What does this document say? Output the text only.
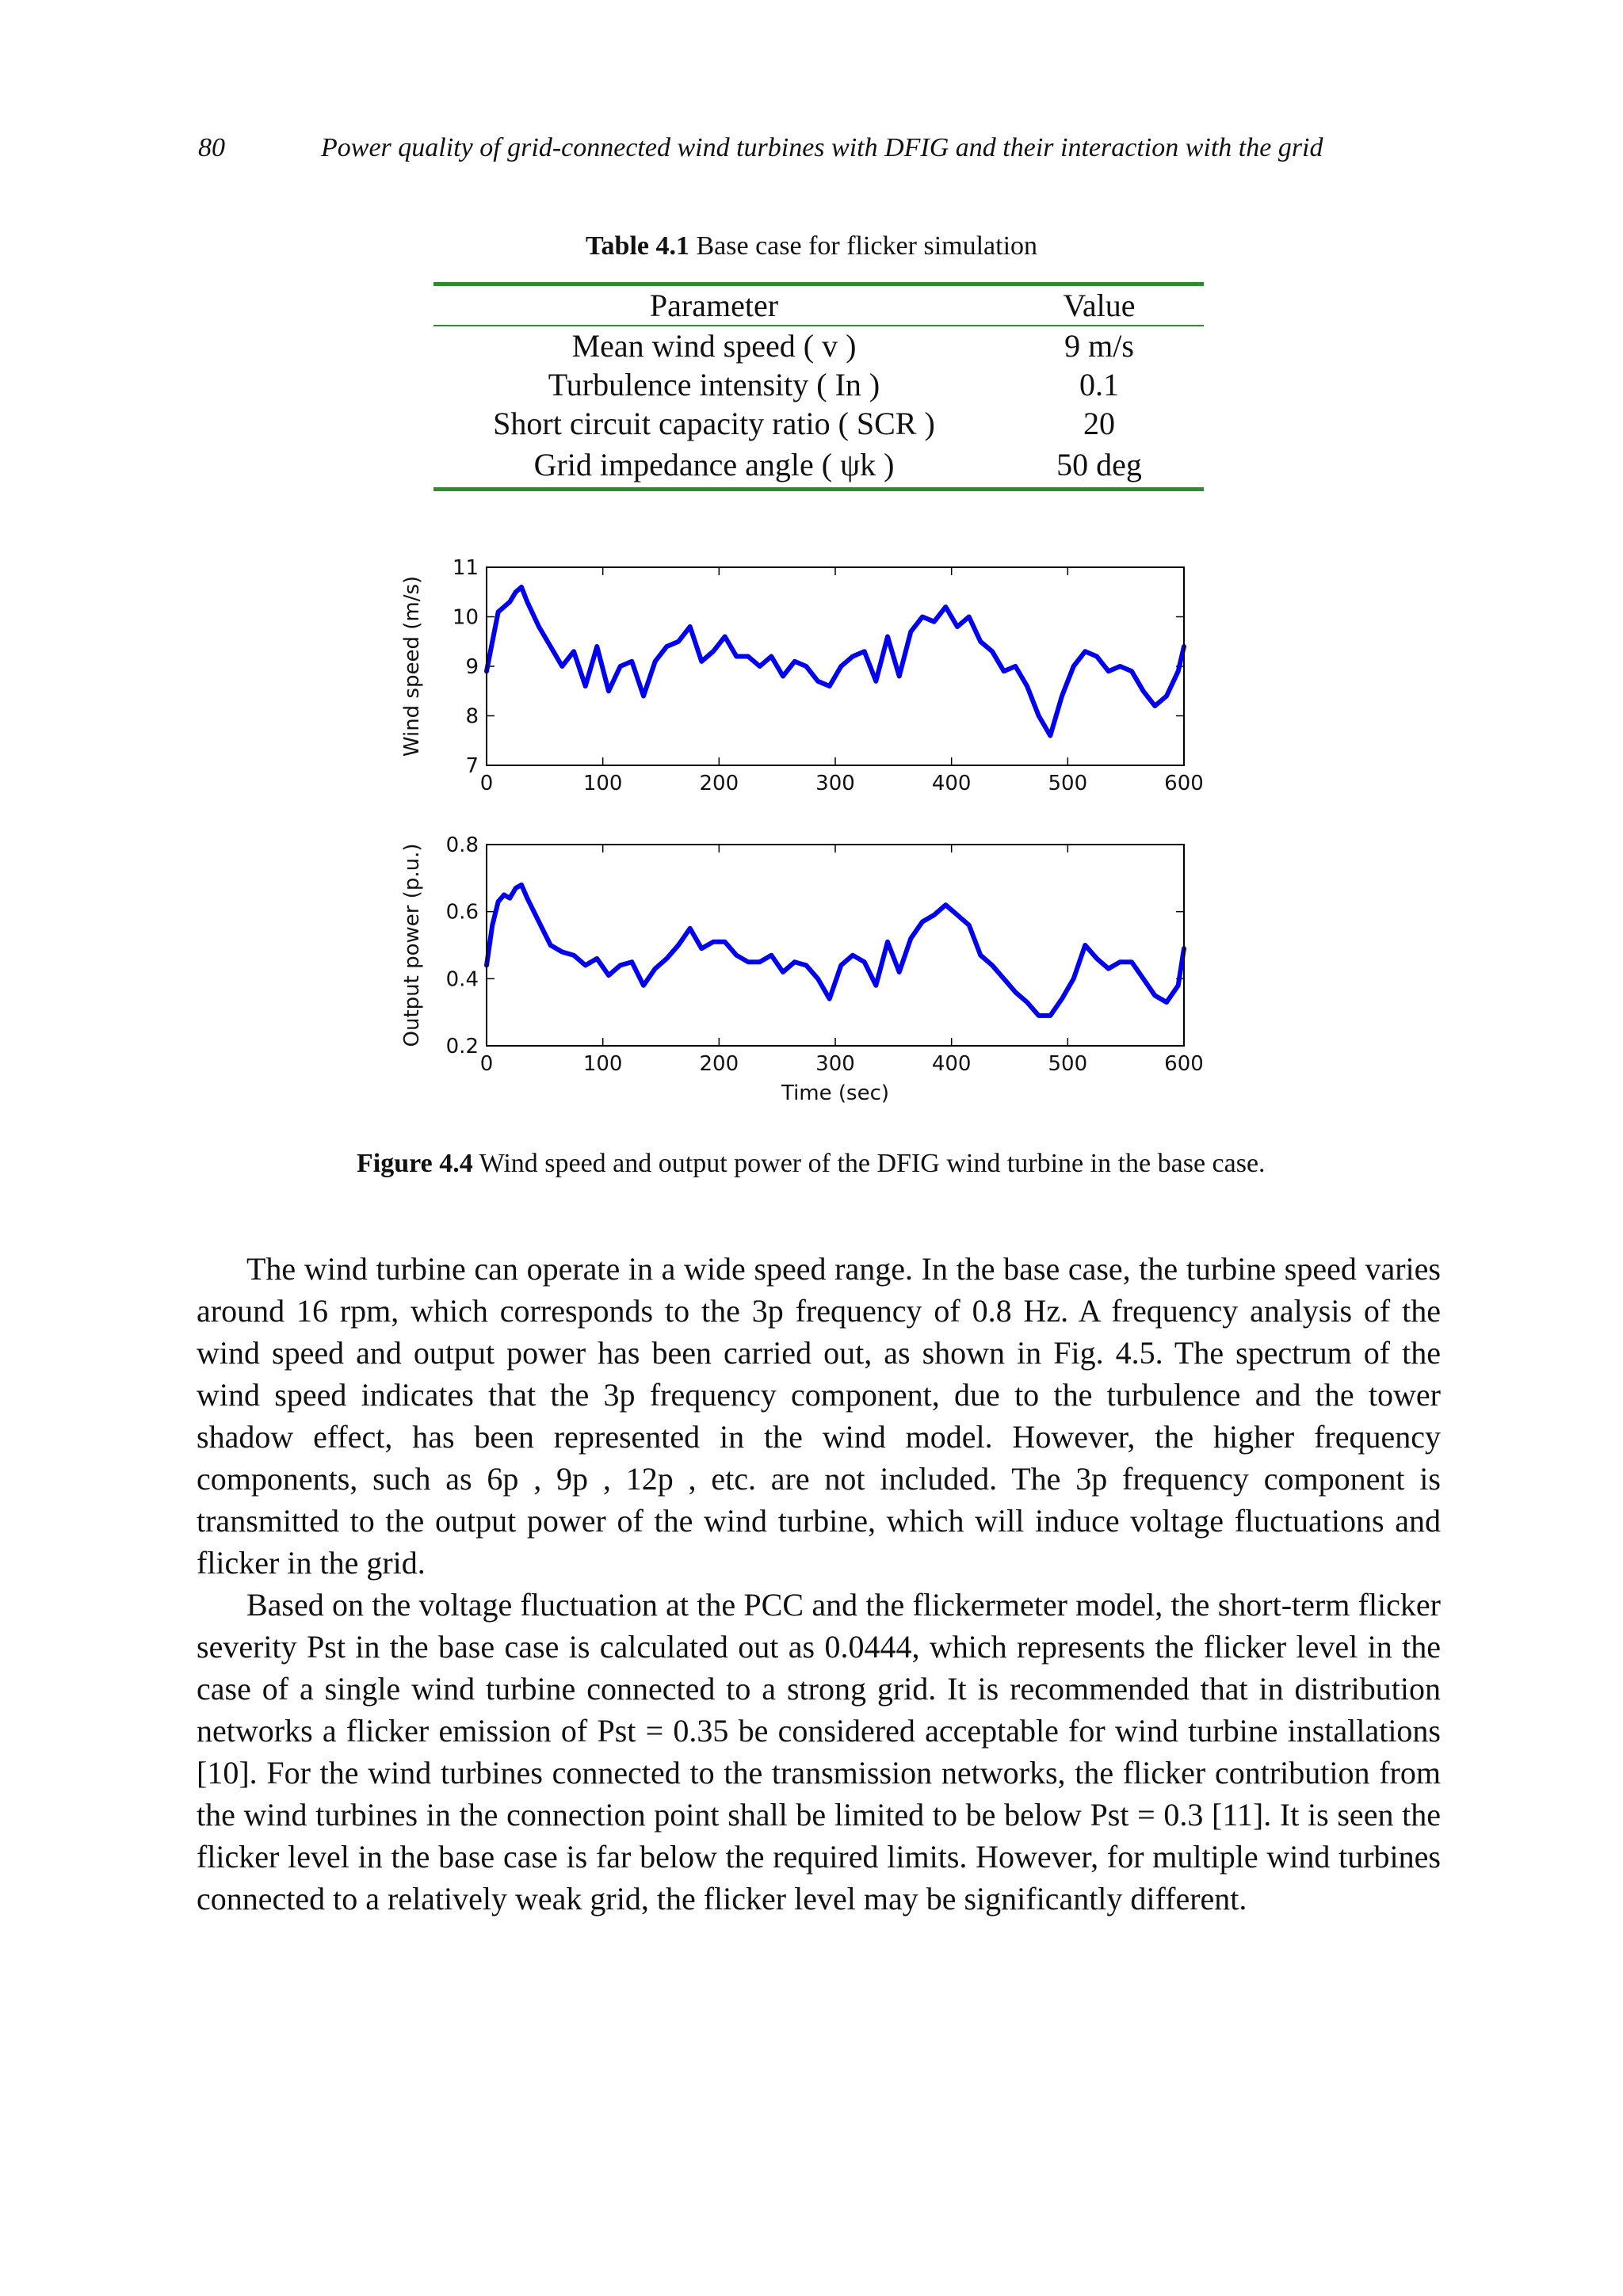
80	Power quality of grid-connected wind turbines with DFIG and their interaction with the grid
Table 4.1 Base case for flicker simulation
Parameter	Value
Mean wind speed ( v )	9 m/s
Turbulence intensity ( In )	0.1
Short circuit capacity ratio ( SCR )	20
Grid impedance angle ( ψk )	50 deg
0	100	200	300	400	500	600
7
8
9
10
11
Wind speed (m/s)
0	100	200	300	400	500	600
0.2
0.4
0.6
0.8
Output power (p.u.)
Time (sec)
Figure 4.4 Wind speed and output power of the DFIG wind turbine in the base case.

The wind turbine can operate in a wide speed range. In the base case, the turbine speed varies around 16 rpm, which corresponds to the 3p frequency of 0.8 Hz. A frequency analysis of the wind speed and output power has been carried out, as shown in Fig. 4.5. The spectrum of the wind speed indicates that the 3p frequency component, due to the turbulence and the tower shadow effect, has been represented in the wind model. However, the higher frequency components, such as 6p , 9p , 12p , etc. are not included. The 3p frequency component is transmitted to the output power of the wind turbine, which will induce voltage fluctuations and flicker in the grid.

Based on the voltage fluctuation at the PCC and the flickermeter model, the short-term flicker severity Pst in the base case is calculated out as 0.0444, which represents the flicker level in the case of a single wind turbine connected to a strong grid. It is recommended that in distribution networks a flicker emission of Pst = 0.35 be considered acceptable for wind turbine installations [10]. For the wind turbines connected to the transmission networks, the flicker contribution from the wind turbines in the connection point shall be limited to be below Pst = 0.3 [11]. It is seen the flicker level in the base case is far below the required limits. However, for multiple wind turbines connected to a relatively weak grid, the flicker level may be significantly different.
